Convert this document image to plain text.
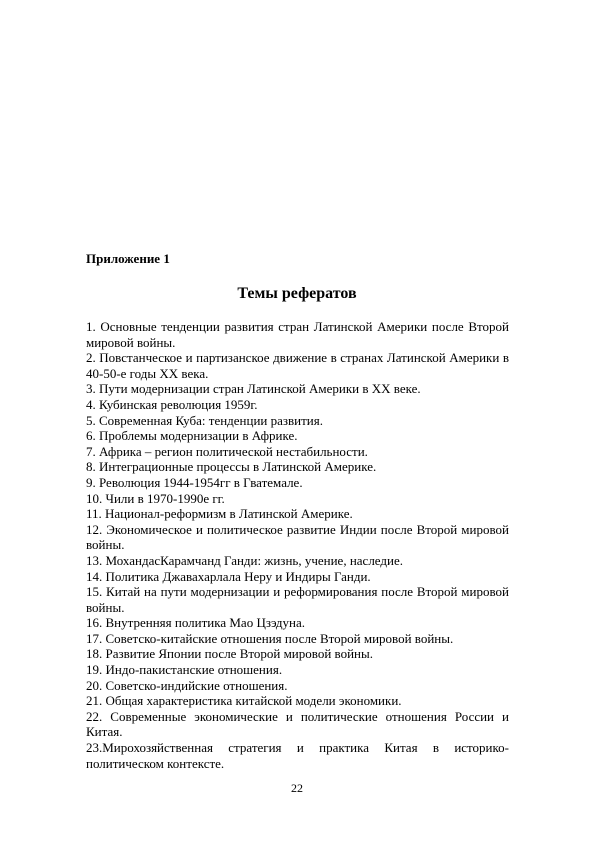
Приложение 1

Темы рефератов
1. Основные тенденции развития стран Латинской Америки после Второй мировой войны.
2. Повстанческое и партизанское движение в странах Латинской Америки в 40-50-е годы ХХ века.
3. Пути модернизации стран Латинской Америки в ХХ веке.
4. Кубинская революция 1959г.
5. Современная Куба: тенденции развития.
6. Проблемы модернизации в Африке.
7. Африка – регион политической нестабильности.
8. Интеграционные процессы в Латинской Америке.
9. Революция 1944-1954гг в Гватемале.
10. Чили в 1970-1990е гг.
11. Национал-реформизм в Латинской Америке.
12. Экономическое и политическое развитие Индии после Второй мировой войны.
13. МохандасКарамчанд Ганди: жизнь, учение, наследие.
14. Политика Джавахарлала Неру и Индиры Ганди.
15. Китай на пути модернизации и реформирования после Второй мировой войны.
16. Внутренняя политика Мао Цзэдуна.
17. Советско-китайские отношения после Второй мировой войны.
18. Развитие Японии после Второй мировой войны.
19. Индо-пакистанские отношения.
20. Советско-индийские отношения.
21. Общая характеристика китайской модели экономики.
22. Современные экономические и политические отношения России и Китая.
23.Мирохозяйственная стратегия и практика Китая в историко-политическом контексте.

22
